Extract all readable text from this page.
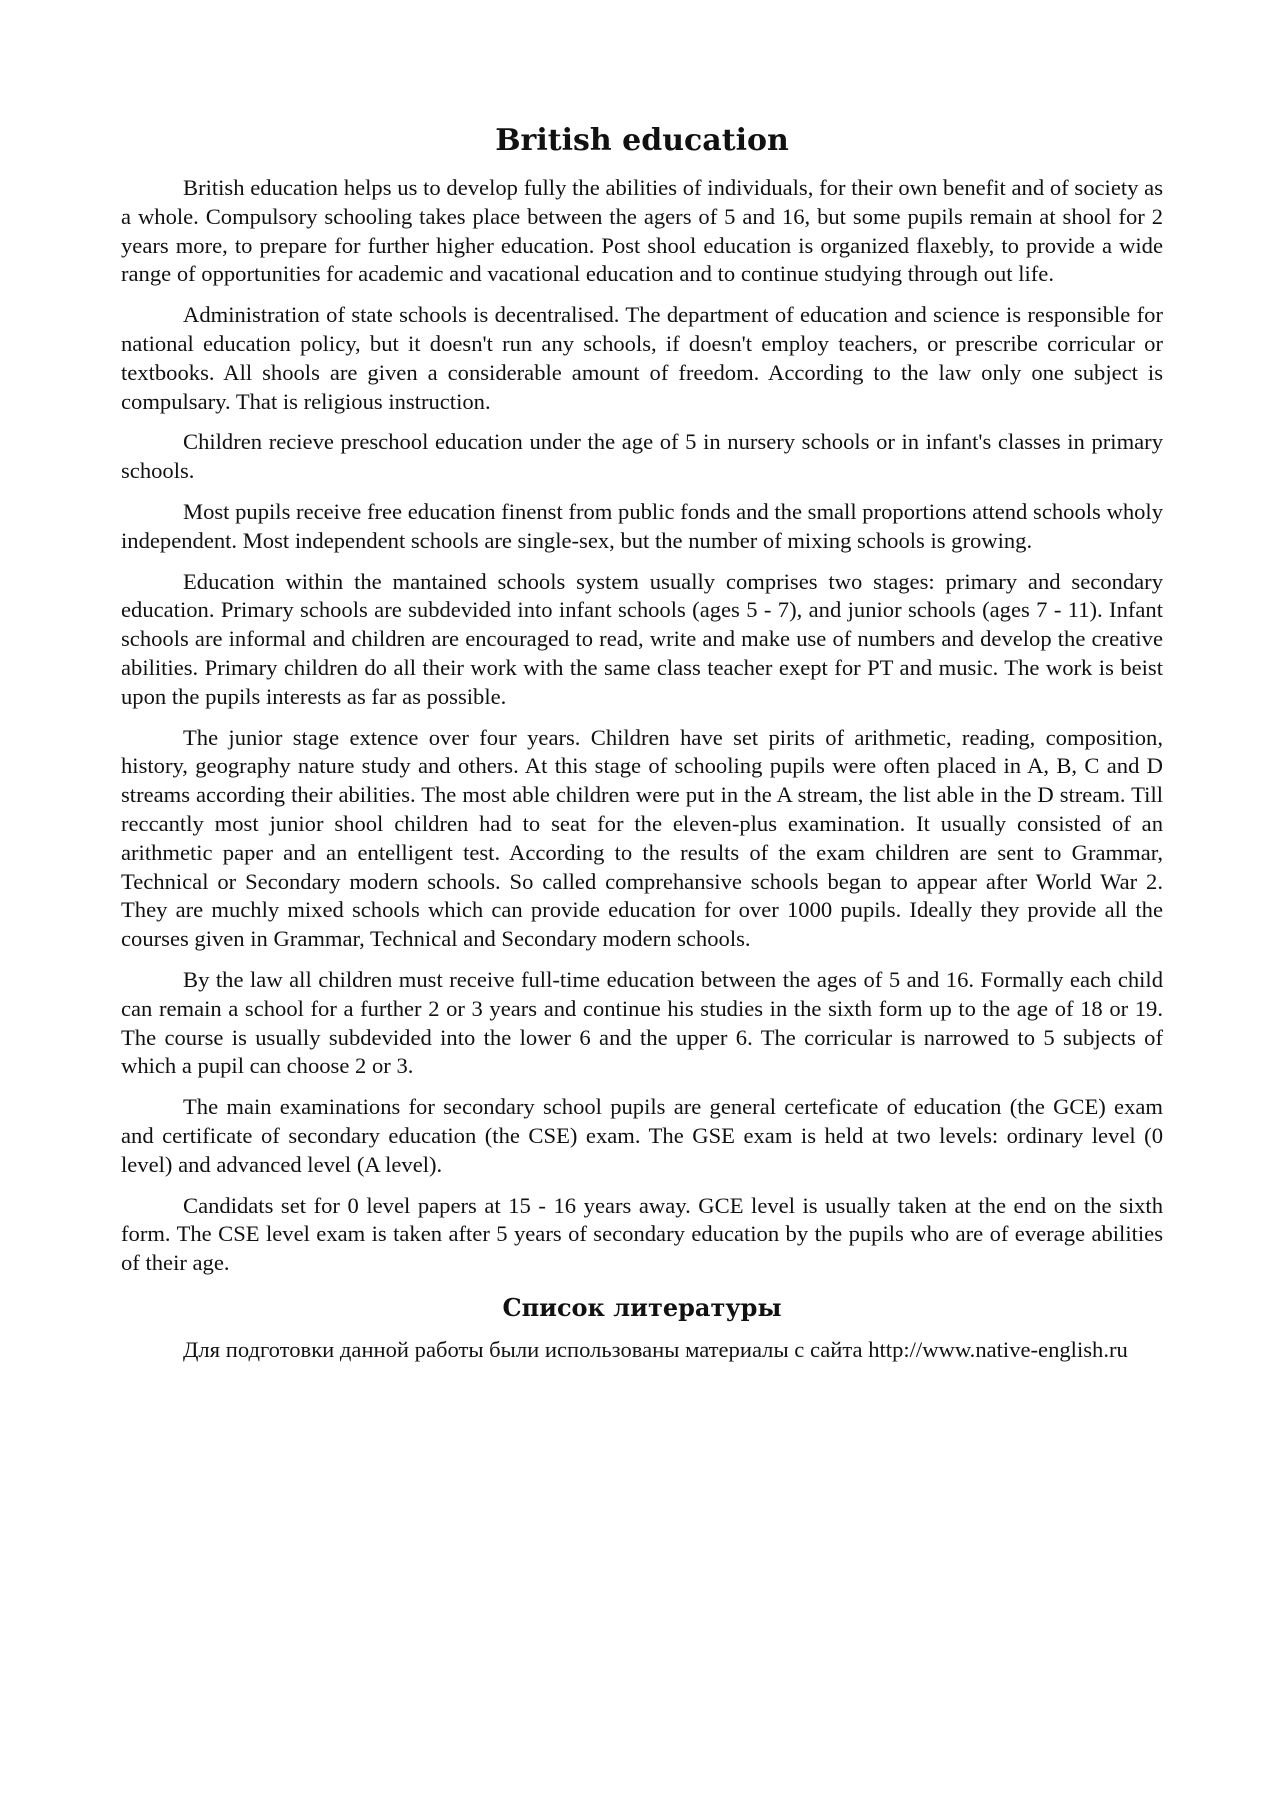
British education

British education helps us to develop fully the abilities of individuals, for their own benefit and of society as a whole. Compulsory schooling takes place between the agers of 5 and 16, but some pupils remain at shool for 2 years more, to prepare for further higher education. Post shool education is organized flaxebly, to provide a wide range of opportunities for academic and vacational education and to continue studying through out life.

Administration of state schools is decentralised. The department of education and science is responsible for national education policy, but it doesn't run any schools, if doesn't employ teachers, or prescribe corricular or textbooks. All shools are given a considerable amount of freedom. According to the law only one subject is compulsary. That is religious instruction.

Children recieve preschool education under the age of 5 in nursery schools or in infant's classes in primary schools.

Most pupils receive free education finenst from public fonds and the small proportions attend schools wholy independent. Most independent schools are single-sex, but the number of mixing schools is growing.

Education within the mantained schools system usually comprises two stages: primary and secondary education. Primary schools are subdevided into infant schools (ages 5 - 7), and junior schools (ages 7 - 11). Infant schools are informal and children are encouraged to read, write and make use of numbers and develop the creative abilities. Primary children do all their work with the same class teacher exept for PT and music. The work is beist upon the pupils interests as far as possible.

The junior stage extence over four years. Children have set pirits of arithmetic, reading, composition, history, geography nature study and others. At this stage of schooling pupils were often placed in A, B, C and D streams according their abilities. The most able children were put in the A stream, the list able in the D stream. Till reccantly most junior shool children had to seat for the eleven-plus examination. It usually consisted of an arithmetic paper and an entelligent test. According to the results of the exam children are sent to Grammar, Technical or Secondary modern schools. So called comprehansive schools began to appear after World War 2. They are muchly mixed schools which can provide education for over 1000 pupils. Ideally they provide all the courses given in Grammar, Technical and Secondary modern schools.

By the law all children must receive full-time education between the ages of 5 and 16. Formally each child can remain a school for a further 2 or 3 years and continue his studies in the sixth form up to the age of 18 or 19. The course is usually subdevided into the lower 6 and the upper 6. The corricular is narrowed to 5 subjects of which a pupil can choose 2 or 3.

The main examinations for secondary school pupils are general certeficate of education (the GCE) exam and certificate of secondary education (the CSE) exam. The GSE exam is held at two levels: ordinary level (0 level) and advanced level (A level).

Candidats set for 0 level papers at 15 - 16 years away. GCE level is usually taken at the end on the sixth form. The CSE level exam is taken after 5 years of secondary education by the pupils who are of everage abilities of their age.

Список литературы

Для подготовки данной работы были использованы материалы с сайта http://www.native-english.ru
